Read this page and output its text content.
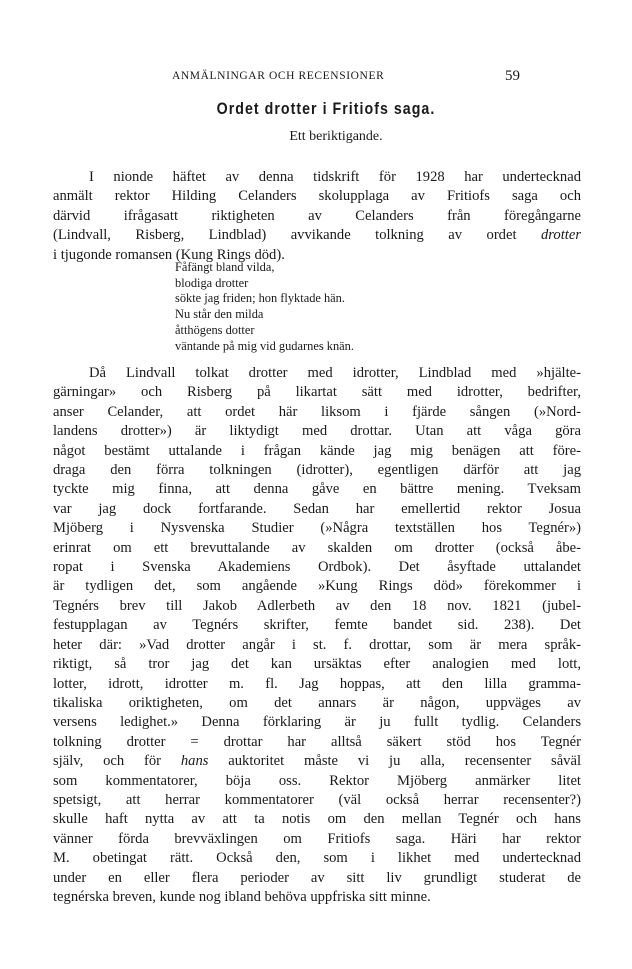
ANMÄLNINGAR OCH RECENSIONER	59
Ordet drotter i Fritiofs saga.
Ett beriktigande.
I nionde häftet av denna tidskrift för 1928 har undertecknad
anmält rektor Hilding Celanders skolupplaga av Fritiofs saga och
därvid ifrågasatt riktigheten av Celanders från föregångarne
(Lindvall, Risberg, Lindblad) avvikande tolkning av ordet drotter
i tjugonde romansen (Kung Rings död).
Fåfängt bland vilda,
blodiga drotter
sökte jag friden; hon flyktade hän.
Nu står den milda
åtthögens dotter
väntande på mig vid gudarnes knän.
Då Lindvall tolkat drotter med idrotter, Lindblad med »hjälte-
gärningar» och Risberg på likartat sätt med idrotter, bedrifter,
anser Celander, att ordet här liksom i fjärde sången (»Nord-
landens drotter») är liktydigt med drottar. Utan att våga göra
något bestämt uttalande i frågan kände jag mig benägen att före-
draga den förra tolkningen (idrotter), egentligen därför att jag
tyckte mig finna, att denna gåve en bättre mening. Tveksam
var jag dock fortfarande. Sedan har emellertid rektor Josua
Mjöberg i Nysvenska Studier (»Några textställen hos Tegnér»)
erinrat om ett brevuttalande av skalden om drotter (också åbe-
ropat i Svenska Akademiens Ordbok). Det åsyftade uttalandet
är tydligen det, som angående »Kung Rings död» förekommer i
Tegnérs brev till Jakob Adlerbeth av den 18 nov. 1821 (jubel-
festupplagan av Tegnérs skrifter, femte bandet sid. 238). Det
heter där: »Vad drotter angår i st. f. drottar, som är mera språk-
riktigt, så tror jag det kan ursäktas efter analogien med lott,
lotter, idrott, idrotter m. fl. Jag hoppas, att den lilla gramma-
tikaliska oriktigheten, om det annars är någon, uppväges av
versens ledighet.» Denna förklaring är ju fullt tydlig. Celanders
tolkning drotter = drottar har alltså säkert stöd hos Tegnér
själv, och för hans auktoritet måste vi ju alla, recensenter såväl
som kommentatorer, böja oss. Rektor Mjöberg anmärker litet
spetsigt, att herrar kommentatorer (väl också herrar recensenter?)
skulle haft nytta av att ta notis om den mellan Tegnér och hans
vänner förda brevväxlingen om Fritiofs saga. Häri har rektor
M. obetingat rätt. Också den, som i likhet med undertecknad
under en eller flera perioder av sitt liv grundligt studerat de
tegnérska breven, kunde nog ibland behöva uppfriska sitt minne.
